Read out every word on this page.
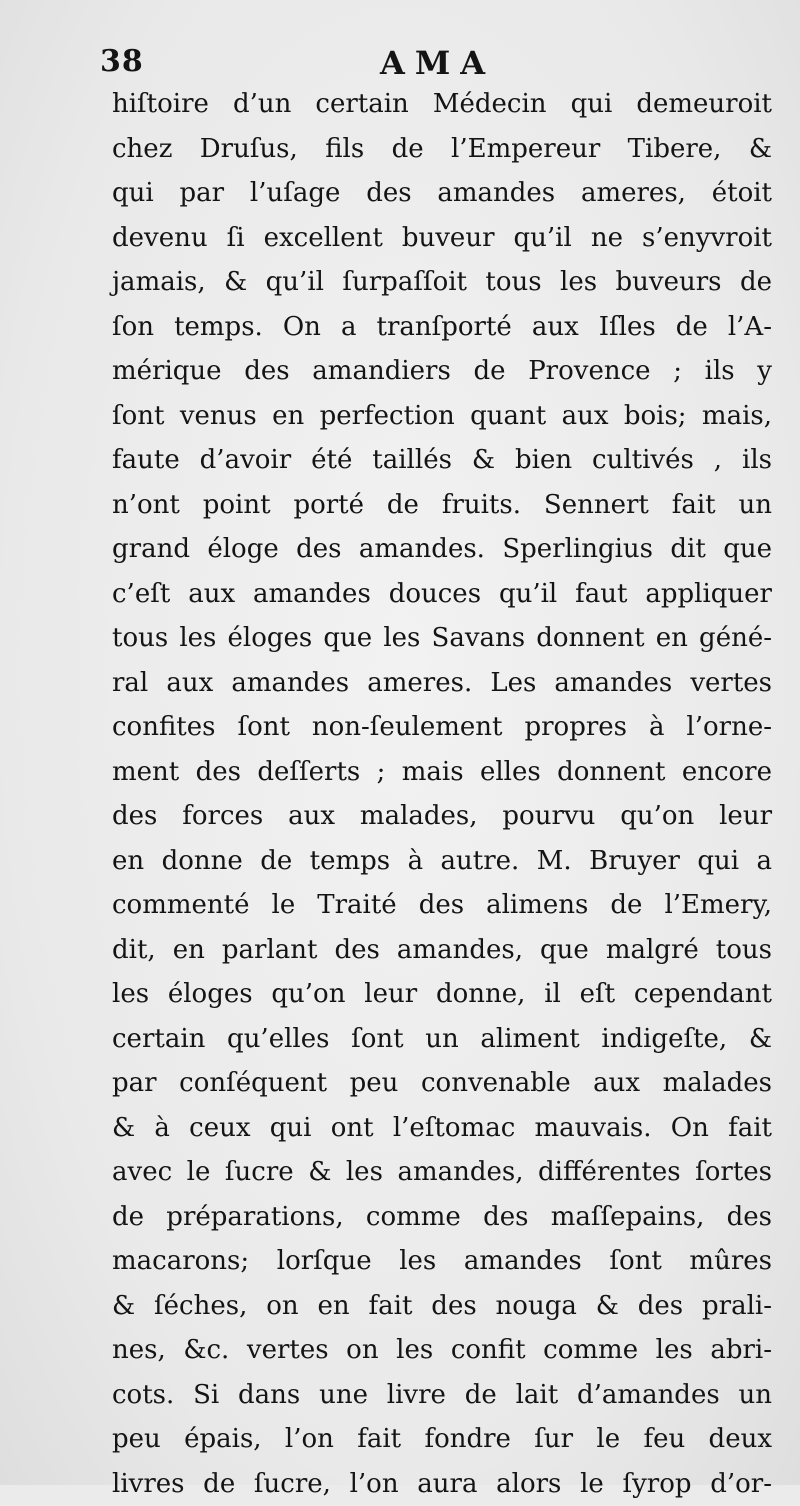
38	AMA
hiſtoire d’un certain Médecin qui demeuroit
chez Druſus, fils de l’Empereur Tibere, &
qui par l’uſage des amandes ameres, étoit
devenu ſi excellent buveur qu’il ne s’enyvroit
jamais, & qu’il ſurpaſſoit tous les buveurs de
ſon temps. On a tranſporté aux Iſles de l’A-
mérique des amandiers de Provence ; ils y
ſont venus en perfection quant aux bois; mais,
faute d’avoir été taillés & bien cultivés , ils
n’ont point porté de fruits. Sennert fait un
grand éloge des amandes. Sperlingius dit que
c’eſt aux amandes douces qu’il faut appliquer
tous les éloges que les Savans donnent en géné-
ral aux amandes ameres. Les amandes vertes
confites ſont non-ſeulement propres à l’orne-
ment des deſſerts ; mais elles donnent encore
des forces aux malades, pourvu qu’on leur
en donne de temps à autre. M. Bruyer qui a
commenté le Traité des alimens de l’Emery,
dit, en parlant des amandes, que malgré tous
les éloges qu’on leur donne, il eſt cependant
certain qu’elles ſont un aliment indigeſte, &
par conſéquent peu convenable aux malades
& à ceux qui ont l’eſtomac mauvais. On fait
avec le ſucre & les amandes, différentes ſortes
de préparations, comme des maſſepains, des
macarons; lorſque les amandes ſont mûres
& ſéches, on en fait des nouga & des prali-
nes, &c. vertes on les confit comme les abri-
cots. Si dans une livre de lait d’amandes un
peu épais, l’on fait fondre ſur le feu deux
livres de ſucre, l’on aura alors le ſyrop d’or-
